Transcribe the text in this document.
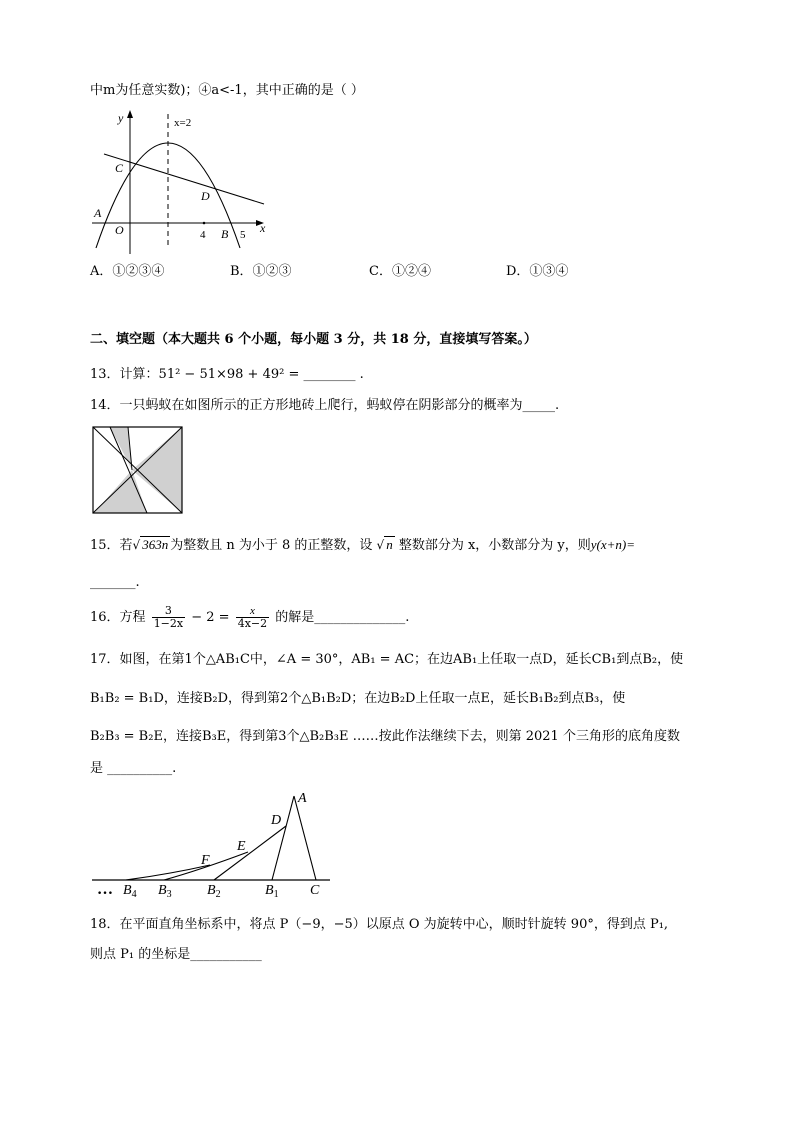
中m为任意实数)；④a<-1，其中正确的是（ ）
y
x
x=2
C
D
A
O	4 B 5
A．①②③④	B．①②③	C．①②④	D．①③④
二、填空题（本大题共 6 个小题，每小题 3 分，共 18 分，直接填写答案。）
13．计算：51² − 51×98 + 49² = ________ .
14．一只蚂蚁在如图所示的正方形地砖上爬行，蚂蚁停在阴影部分的概率为_____.
15．若√ 363n 为整数且 n 为小于 8 的正整数，设 √ n 整数部分为 x，小数部分为 y，则y(x+n)=
_______.
16．方程 $\frac{3}{1-2x} - 2 = \frac{x}{4x-2}$ 的解是______________.
17．如图，在第1个△AB₁C中，∠A = 30°，AB₁ = AC；在边AB₁上任取一点D，延长CB₁到点B₂，使
B₁B₂ = B₁D，连接B₂D，得到第2个△B₁B₂D；在边B₂D上任取一点E，延长B₁B₂到点B₃，使
B₂B₃ = B₂E，连接B₃E，得到第3个△B₂B₃E ……按此作法继续下去，则第 2021 个三角形的底角度数
是 __________.
A
D
E
F
… $B_4$ $B_3$	$B_2$	$B_1$ C
18．在平面直角坐标系中，将点 P（−9，−5）以原点 O 为旋转中心，顺时针旋转 90°，得到点 P₁,
则点 P₁ 的坐标是___________
